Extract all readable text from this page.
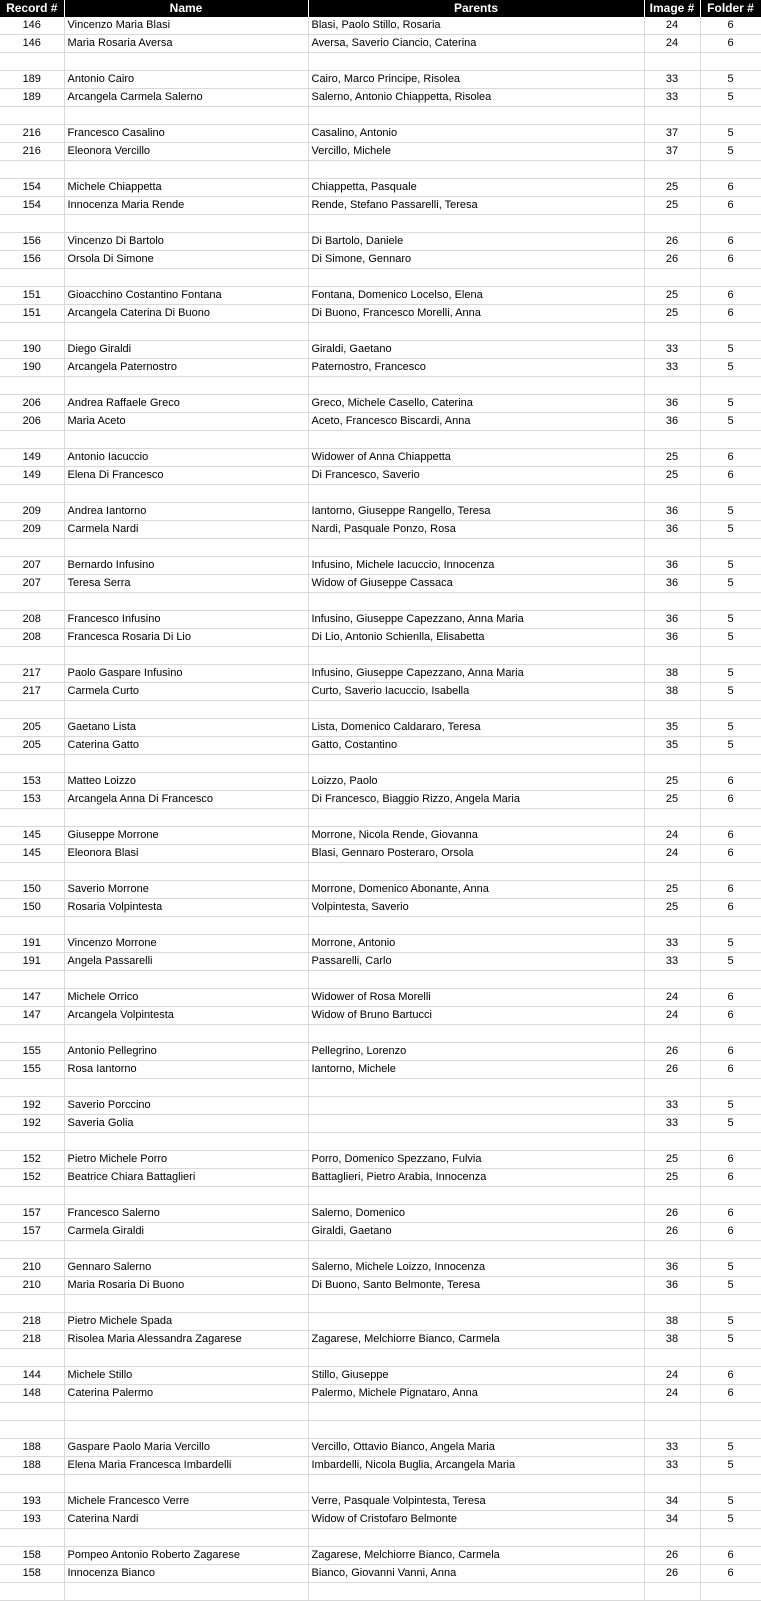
Record #	Name	Parents	Image #	Folder #
146	Vincenzo Maria Blasi	Blasi, Paolo Stillo, Rosaria	24	6
146	Maria Rosaria Aversa	Aversa, Saverio Ciancio, Caterina	24	6

189	Antonio Cairo	Cairo, Marco Principe, Risolea	33	5
189	Arcangela Carmela Salerno	Salerno, Antonio Chiappetta, Risolea	33	5

216	Francesco Casalino	Casalino, Antonio	37	5
216	Eleonora Vercillo	Vercillo, Michele	37	5

154	Michele Chiappetta	Chiappetta, Pasquale	25	6
154	Innocenza Maria Rende	Rende, Stefano Passarelli, Teresa	25	6

156	Vincenzo Di Bartolo	Di Bartolo, Daniele	26	6
156	Orsola Di Simone	Di Simone, Gennaro	26	6

151	Gioacchino Costantino Fontana	Fontana, Domenico Locelso, Elena	25	6
151	Arcangela Caterina Di Buono	Di Buono, Francesco Morelli, Anna	25	6

190	Diego Giraldi	Giraldi, Gaetano	33	5
190	Arcangela Paternostro	Paternostro, Francesco	33	5

206	Andrea Raffaele Greco	Greco, Michele Casello, Caterina	36	5
206	Maria Aceto	Aceto, Francesco Biscardi, Anna	36	5

149	Antonio Iacuccio	Widower of Anna Chiappetta	25	6
149	Elena Di Francesco	Di Francesco, Saverio	25	6

209	Andrea Iantorno	Iantorno, Giuseppe Rangello, Teresa	36	5
209	Carmela Nardi	Nardi, Pasquale Ponzo, Rosa	36	5

207	Bernardo Infusino	Infusino, Michele Iacuccio, Innocenza	36	5
207	Teresa Serra	Widow of Giuseppe Cassaca	36	5

208	Francesco Infusino	Infusino, Giuseppe Capezzano, Anna Maria	36	5
208	Francesca Rosaria Di Lio	Di Lio, Antonio Schienlla, Elisabetta	36	5

217	Paolo Gaspare Infusino	Infusino, Giuseppe Capezzano, Anna Maria	38	5
217	Carmela Curto	Curto, Saverio Iacuccio, Isabella	38	5

205	Gaetano Lista	Lista, Domenico Caldararo, Teresa	35	5
205	Caterina Gatto	Gatto, Costantino	35	5

153	Matteo Loizzo	Loizzo, Paolo	25	6
153	Arcangela Anna Di Francesco	Di Francesco, Biaggio Rizzo, Angela Maria	25	6

145	Giuseppe Morrone	Morrone, Nicola Rende, Giovanna	24	6
145	Eleonora Blasi	Blasi, Gennaro Posteraro, Orsola	24	6

150	Saverio Morrone	Morrone, Domenico Abonante, Anna	25	6
150	Rosaria Volpintesta	Volpintesta, Saverio	25	6

191	Vincenzo Morrone	Morrone, Antonio	33	5
191	Angela Passarelli	Passarelli, Carlo	33	5

147	Michele Orrico	Widower of Rosa Morelli	24	6
147	Arcangela Volpintesta	Widow of Bruno Bartucci	24	6

155	Antonio Pellegrino	Pellegrino, Lorenzo	26	6
155	Rosa Iantorno	Iantorno, Michele	26	6

192	Saverio Porccino		33	5
192	Saveria Golia		33	5

152	Pietro Michele Porro	Porro, Domenico Spezzano, Fulvia	25	6
152	Beatrice Chiara Battaglieri	Battaglieri, Pietro Arabia, Innocenza	25	6

157	Francesco Salerno	Salerno, Domenico	26	6
157	Carmela Giraldi	Giraldi, Gaetano	26	6

210	Gennaro Salerno	Salerno, Michele Loizzo, Innocenza	36	5
210	Maria Rosaria Di Buono	Di Buono, Santo Belmonte, Teresa	36	5

218	Pietro Michele Spada		38	5
218	Risolea Maria Alessandra Zagarese	Zagarese, Melchiorre Bianco, Carmela	38	5

144	Michele Stillo	Stillo, Giuseppe	24	6
148	Caterina Palermo	Palermo, Michele Pignataro, Anna	24	6

188	Gaspare Paolo Maria Vercillo	Vercillo, Ottavio Bianco, Angela Maria	33	5
188	Elena Maria Francesca Imbardelli	Imbardelli, Nicola Buglia, Arcangela Maria	33	5

193	Michele Francesco Verre	Verre, Pasquale Volpintesta, Teresa	34	5
193	Caterina Nardi	Widow of Cristofaro Belmonte	34	5

158	Pompeo Antonio Roberto Zagarese	Zagarese, Melchiorre Bianco, Carmela	26	6
158	Innocenza Bianco	Bianco, Giovanni Vanni, Anna	26	6
